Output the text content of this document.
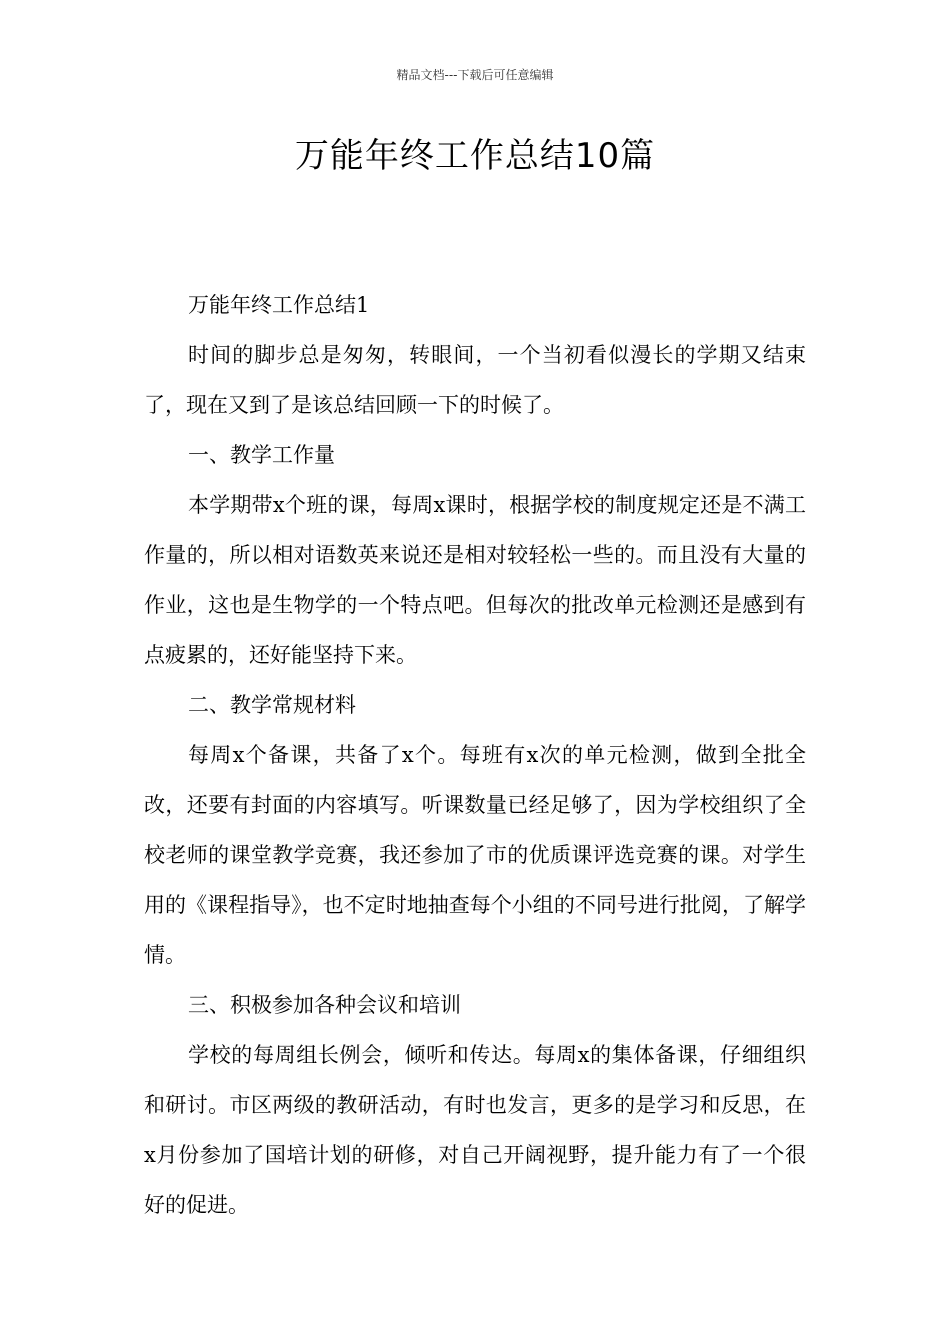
精品文档---下载后可任意编辑
万能年终工作总结10篇

万能年终工作总结1

时间的脚步总是匆匆，转眼间，一个当初看似漫长的学期又结束了，现在又到了是该总结回顾一下的时候了。

一、教学工作量

本学期带x个班的课，每周x课时，根据学校的制度规定还是不满工作量的，所以相对语数英来说还是相对较轻松一些的。而且没有大量的作业，这也是生物学的一个特点吧。但每次的批改单元检测还是感到有点疲累的，还好能坚持下来。

二、教学常规材料

每周x个备课，共备了x个。每班有x次的单元检测，做到全批全改，还要有封面的内容填写。听课数量已经足够了，因为学校组织了全校老师的课堂教学竞赛，我还参加了市的优质课评选竞赛的课。对学生用的《课程指导》，也不定时地抽查每个小组的不同号进行批阅，了解学情。

三、积极参加各种会议和培训

学校的每周组长例会，倾听和传达。每周x的集体备课，仔细组织和研讨。市区两级的教研活动，有时也发言，更多的是学习和反思，在x月份参加了国培计划的研修，对自己开阔视野，提升能力有了一个很好的促进。
